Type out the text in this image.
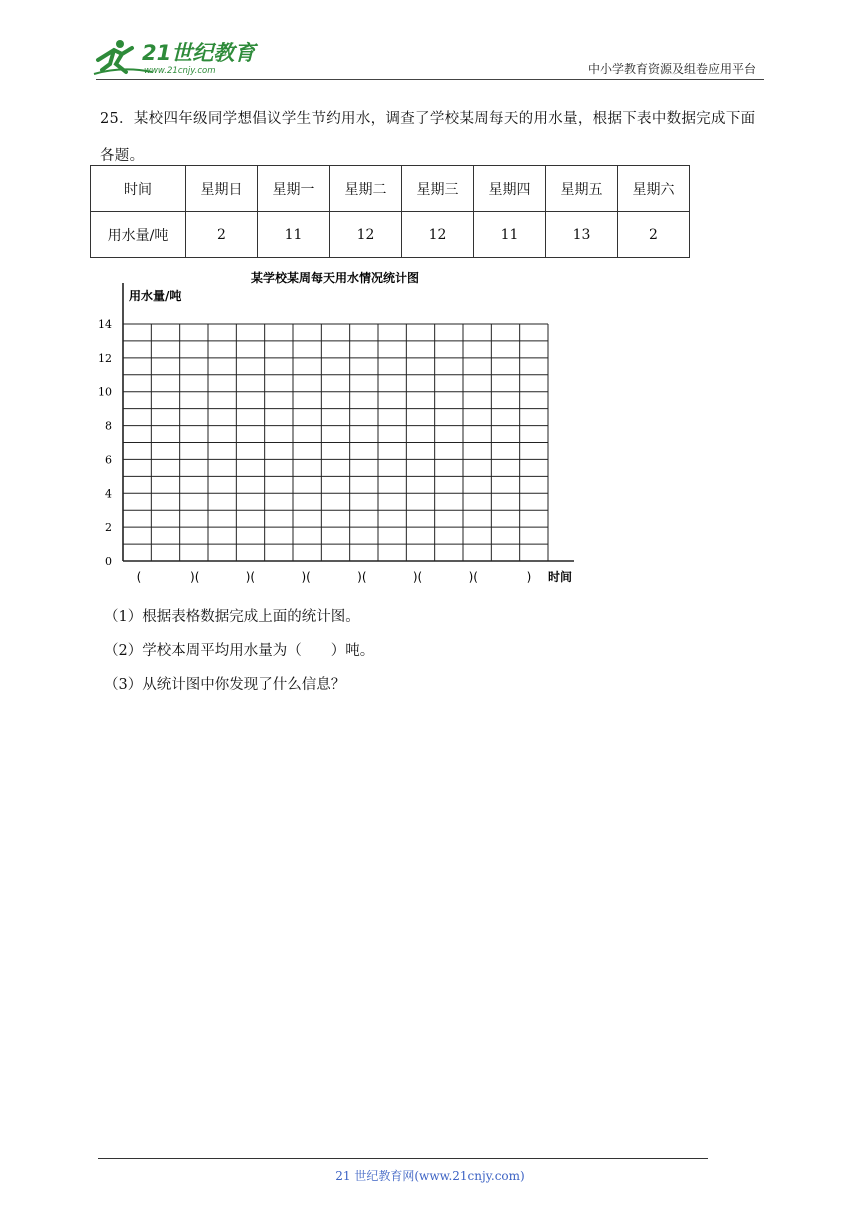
21世纪教育
www.21cnjy.com	中小学教育资源及组卷应用平台
25．某校四年级同学想倡议学生节约用水，调查了学校某周每天的用水量，根据下表中数据完成下面
各题。
时间	星期日	星期一	星期二	星期三	星期四	星期五	星期六
用水量/吨	2	11	12	12	11	13	2
某学校某周每天用水情况统计图
用水量/吨
时间
0
2
4
6
8
10
12
14
(	)(	)(	)(	)(	)(	)(	)
（1）根据表格数据完成上面的统计图。
（2）学校本周平均用水量为（　　）吨。
（3）从统计图中你发现了什么信息？
21 世纪教育网(www.21cnjy.com)
